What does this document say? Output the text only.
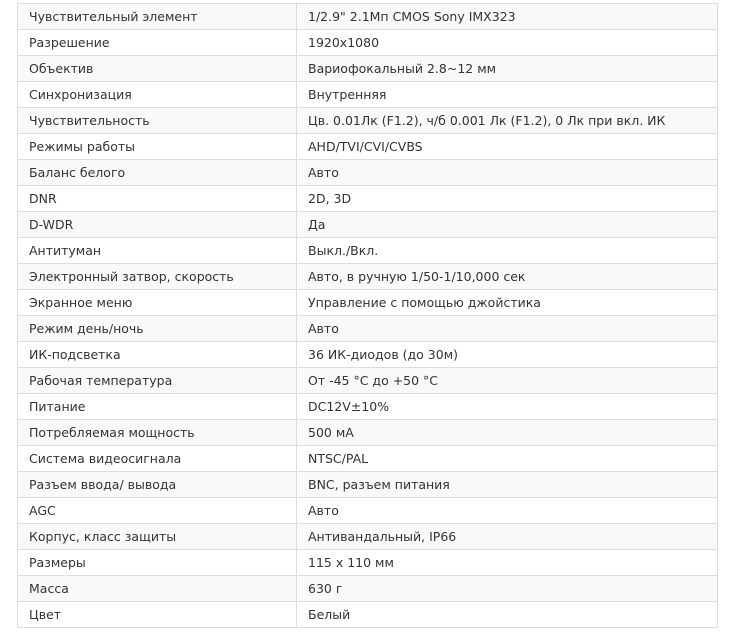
Чувствительный элемент	1/2.9" 2.1Мп CMOS Sony IMX323
Разрешение	1920x1080
Объектив	Вариофокальный 2.8~12 мм
Синхронизация	Внутренняя
Чувствительность	Цв. 0.01Лк (F1.2), ч/б 0.001 Лк (F1.2), 0 Лк при вкл. ИК
Режимы работы	AHD/TVI/CVI/CVBS
Баланс белого	Авто
DNR	2D, 3D
D-WDR	Да
Антитуман	Выкл./Вкл.
Электронный затвор, скорость	Авто, в ручную 1/50-1/10,000 сек
Экранное меню	Управление с помощью джойстика
Режим день/ночь	Авто
ИК-подсветка	36 ИК-диодов (до 30м)
Рабочая температура	От -45 °С до +50 °С
Питание	DC12V±10%
Потребляемая мощность	500 мА
Система видеосигнала	NTSC/PAL
Разъем ввода/ вывода	BNC, разъем питания
AGC	Авто
Корпус, класс защиты	Антивандальный, IP66
Размеры	115 x 110 мм
Масса	630 г
Цвет	Белый
